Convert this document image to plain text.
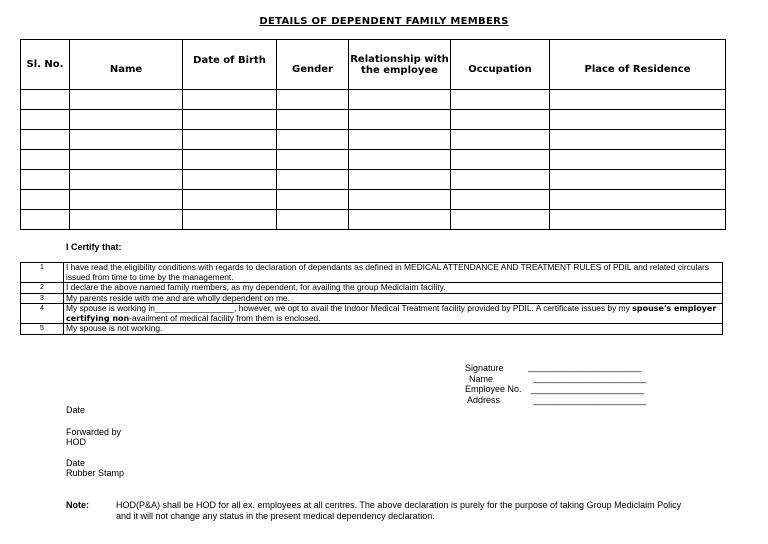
DETAILS OF DEPENDENT FAMILY MEMBERS
Sl. No.	Name	Date of Birth	Gender	Relationship with the employee	Occupation	Place of Residence

I Certify that:
1	I have read the eligibility conditions with regards to declaration of dependants as defined in MEDICAL ATTENDANCE AND TREATMENT RULES of PDIL and related circulars issued from time to time by the management.
2	I declare the above named family members, as my dependent, for availing the group Mediclaim facility.
3	My parents reside with me and are wholly dependent on me.
4	My spouse is working in_________________, however, we opt to avail the Indoor Medical Treatment facility provided by PDIL. A certificate issues by my spouse's employer certifying non-availment of medical facility from them is enclosed.
5	My spouse is not working.
Signature
Name
Employee No.
Address
_________________________
_________________________
_________________________
_________________________
Date
Forwarded by
HOD
Date
Rubber Stamp
Note:	HOD(P&A) shall be HOD for all ex. employees at all centres. The above declaration is purely for the purpose of taking Group Mediclaim Policy
and it will not change any status in the present medical dependency declaration.
